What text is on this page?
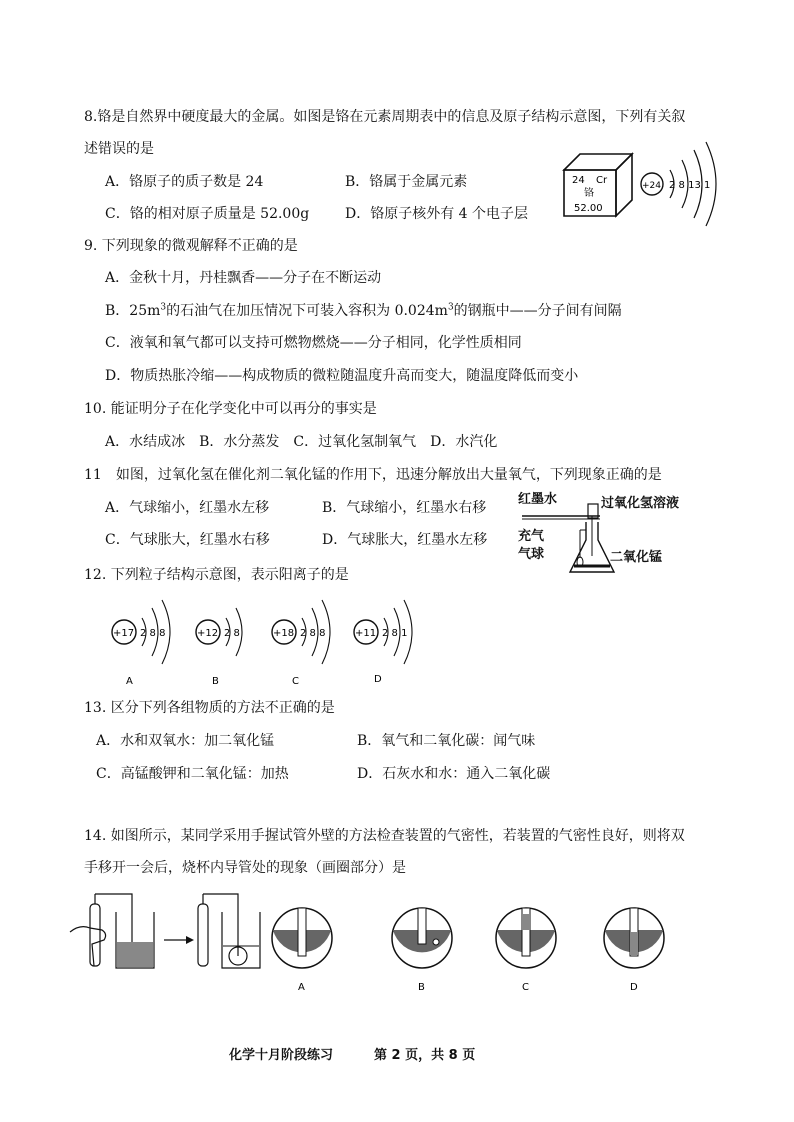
8.铬是自然界中硬度最大的金属。如图是铬在元素周期表中的信息及原子结构示意图，下列有关叙
述错误的是
A．铬原子的质子数是 24	B．铬属于金属元素
C．铬的相对原子质量是 52.00g	D．铬原子核外有 4 个电子层
24 Cr
铬
52.00
+24 2 8 13 1
9. 下列现象的微观解释不正确的是
A．金秋十月，丹桂飘香——分子在不断运动
B．$25m^3$的石油气在加压情况下可装入容积为 $0.024m^3$的钢瓶中——分子间有间隔
C．液氧和氧气都可以支持可燃物燃烧——分子相同，化学性质相同
D．物质热胀冷缩——构成物质的微粒随温度升高而变大，随温度降低而变小
10. 能证明分子在化学变化中可以再分的事实是
A．水结成冰　B．水分蒸发　C．过氧化氢制氧气　D．水汽化
11　如图，过氧化氢在催化剂二氧化锰的作用下，迅速分解放出大量氧气，下列现象正确的是
A．气球缩小，红墨水左移	B．气球缩小，红墨水右移
C．气球胀大，红墨水右移	D．气球胀大，红墨水左移
红墨水	过氧化氢溶液
充气
气球	二氧化锰
12. 下列粒子结构示意图，表示阳离子的是
+17 2 8 8
A
+12 2 8
B
+18 2 8 8
C
+11 2 8 1
D
13. 区分下列各组物质的方法不正确的是
A．水和双氧水：加二氧化锰	B．氧气和二氧化碳：闻气味
C．高锰酸钾和二氧化锰：加热	D．石灰水和水：通入二氧化碳
14. 如图所示，某同学采用手握试管外壁的方法检查装置的气密性，若装置的气密性良好，则将双
手移开一会后，烧杯内导管处的现象（画圈部分）是
A	B	C	D
化学十月阶段练习	第 2 页，共 8 页
